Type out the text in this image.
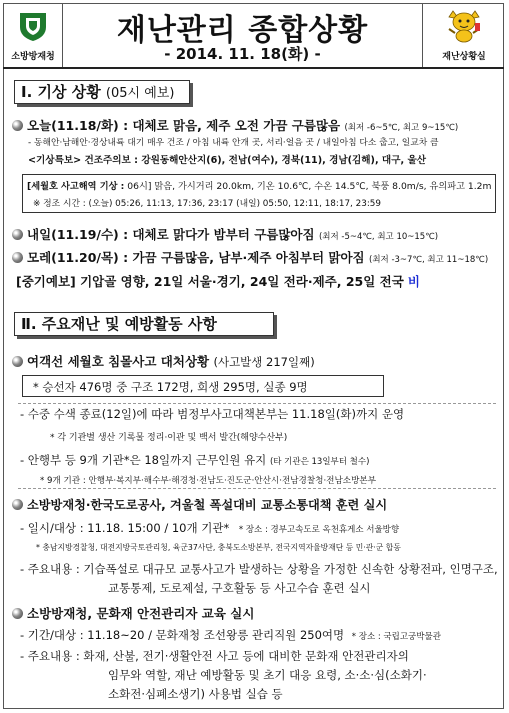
소방방재청
재난관리 종합상황
- 2014. 11. 18(화) -	재난상황실
Ⅰ. 기상 상황 (05시 예보)
오늘(11.18/화) : 대체로 맑음, 제주 오전 가끔 구름많음 (최저 -6~5℃, 최고 9~15℃)
- 동해안·남해안·경상내륙 대기 매우 건조 / 아침 내륙 안개 곳, 서리·얼음 곳 / 내일아침 다소 춥고, 일교차 큼
<기상특보> 건조주의보 : 강원동해안산지(6), 전남(여수), 경북(11), 경남(김해), 대구, 울산
[세월호 사고해역 기상 : 06시] 맑음, 가시거리 20.0km, 기온 10.6℃, 수온 14.5℃, 북풍 8.0m/s, 유의파고 1.2m
※ 정조 시간 : (오늘) 05:26, 11:13, 17:36, 23:17 (내일) 05:50, 12:11, 18:17, 23:59
내일(11.19/수) : 대체로 맑다가 밤부터 구름많아짐 (최저 -5~4℃, 최고 10~15℃)
모레(11.20/목) : 가끔 구름많음, 남부·제주 아침부터 맑아짐 (최저 -3~7℃, 최고 11~18℃)
[중기예보] 기압골 영향, 21일 서울·경기, 24일 전라·제주, 25일 전국 비
Ⅱ. 주요재난 및 예방활동 사항
여객선 세월호 침몰사고 대처상황 (사고발생 217일째)
* 승선자 476명 중 구조 172명, 희생 295명, 실종 9명
- 수중 수색 종료(12일)에 따라 범정부사고대책본부는 11.18일(화)까지 운영
* 각 기관별 생산 기록물 정리·이관 및 백서 발간(해양수산부)
- 안행부 등 9개 기관*은 18일까지 근무인원 유지 (타 기관은 13일부터 철수)
* 9개 기관 : 안행부·복지부·해수부·해경청·전남도·진도군·안산시·전남경찰청·전남소방본부
소방방재청·한국도로공사, 겨울철 폭설대비 교통소통대책 훈련 실시
- 일시/대상 : 11.18. 15:00 / 10개 기관* * 장소 : 경부고속도로 옥천휴게소 서울방향
* 충남지방경찰청, 대전지방국토관리청, 육군37사단, 충북도소방본부, 전국지역자율방재단 등 민·관·군 합동
- 주요내용 : 기습폭설로 대규모 교통사고가 발생하는 상황을 가정한 신속한 상황전파, 인명구조,
교통통제, 도로제설, 구호활동 등 사고수습 훈련 실시
소방방재청, 문화재 안전관리자 교육 실시
- 기간/대상 : 11.18~20 / 문화재청 조선왕릉 관리직원 250여명 * 장소 : 국립고궁박물관
- 주요내용 : 화재, 산불, 전기·생활안전 사고 등에 대비한 문화재 안전관리자의
임무와 역할, 재난 예방활동 및 초기 대응 요령, 소·소·심(소화기·
소화전·심폐소생기) 사용법 실습 등
